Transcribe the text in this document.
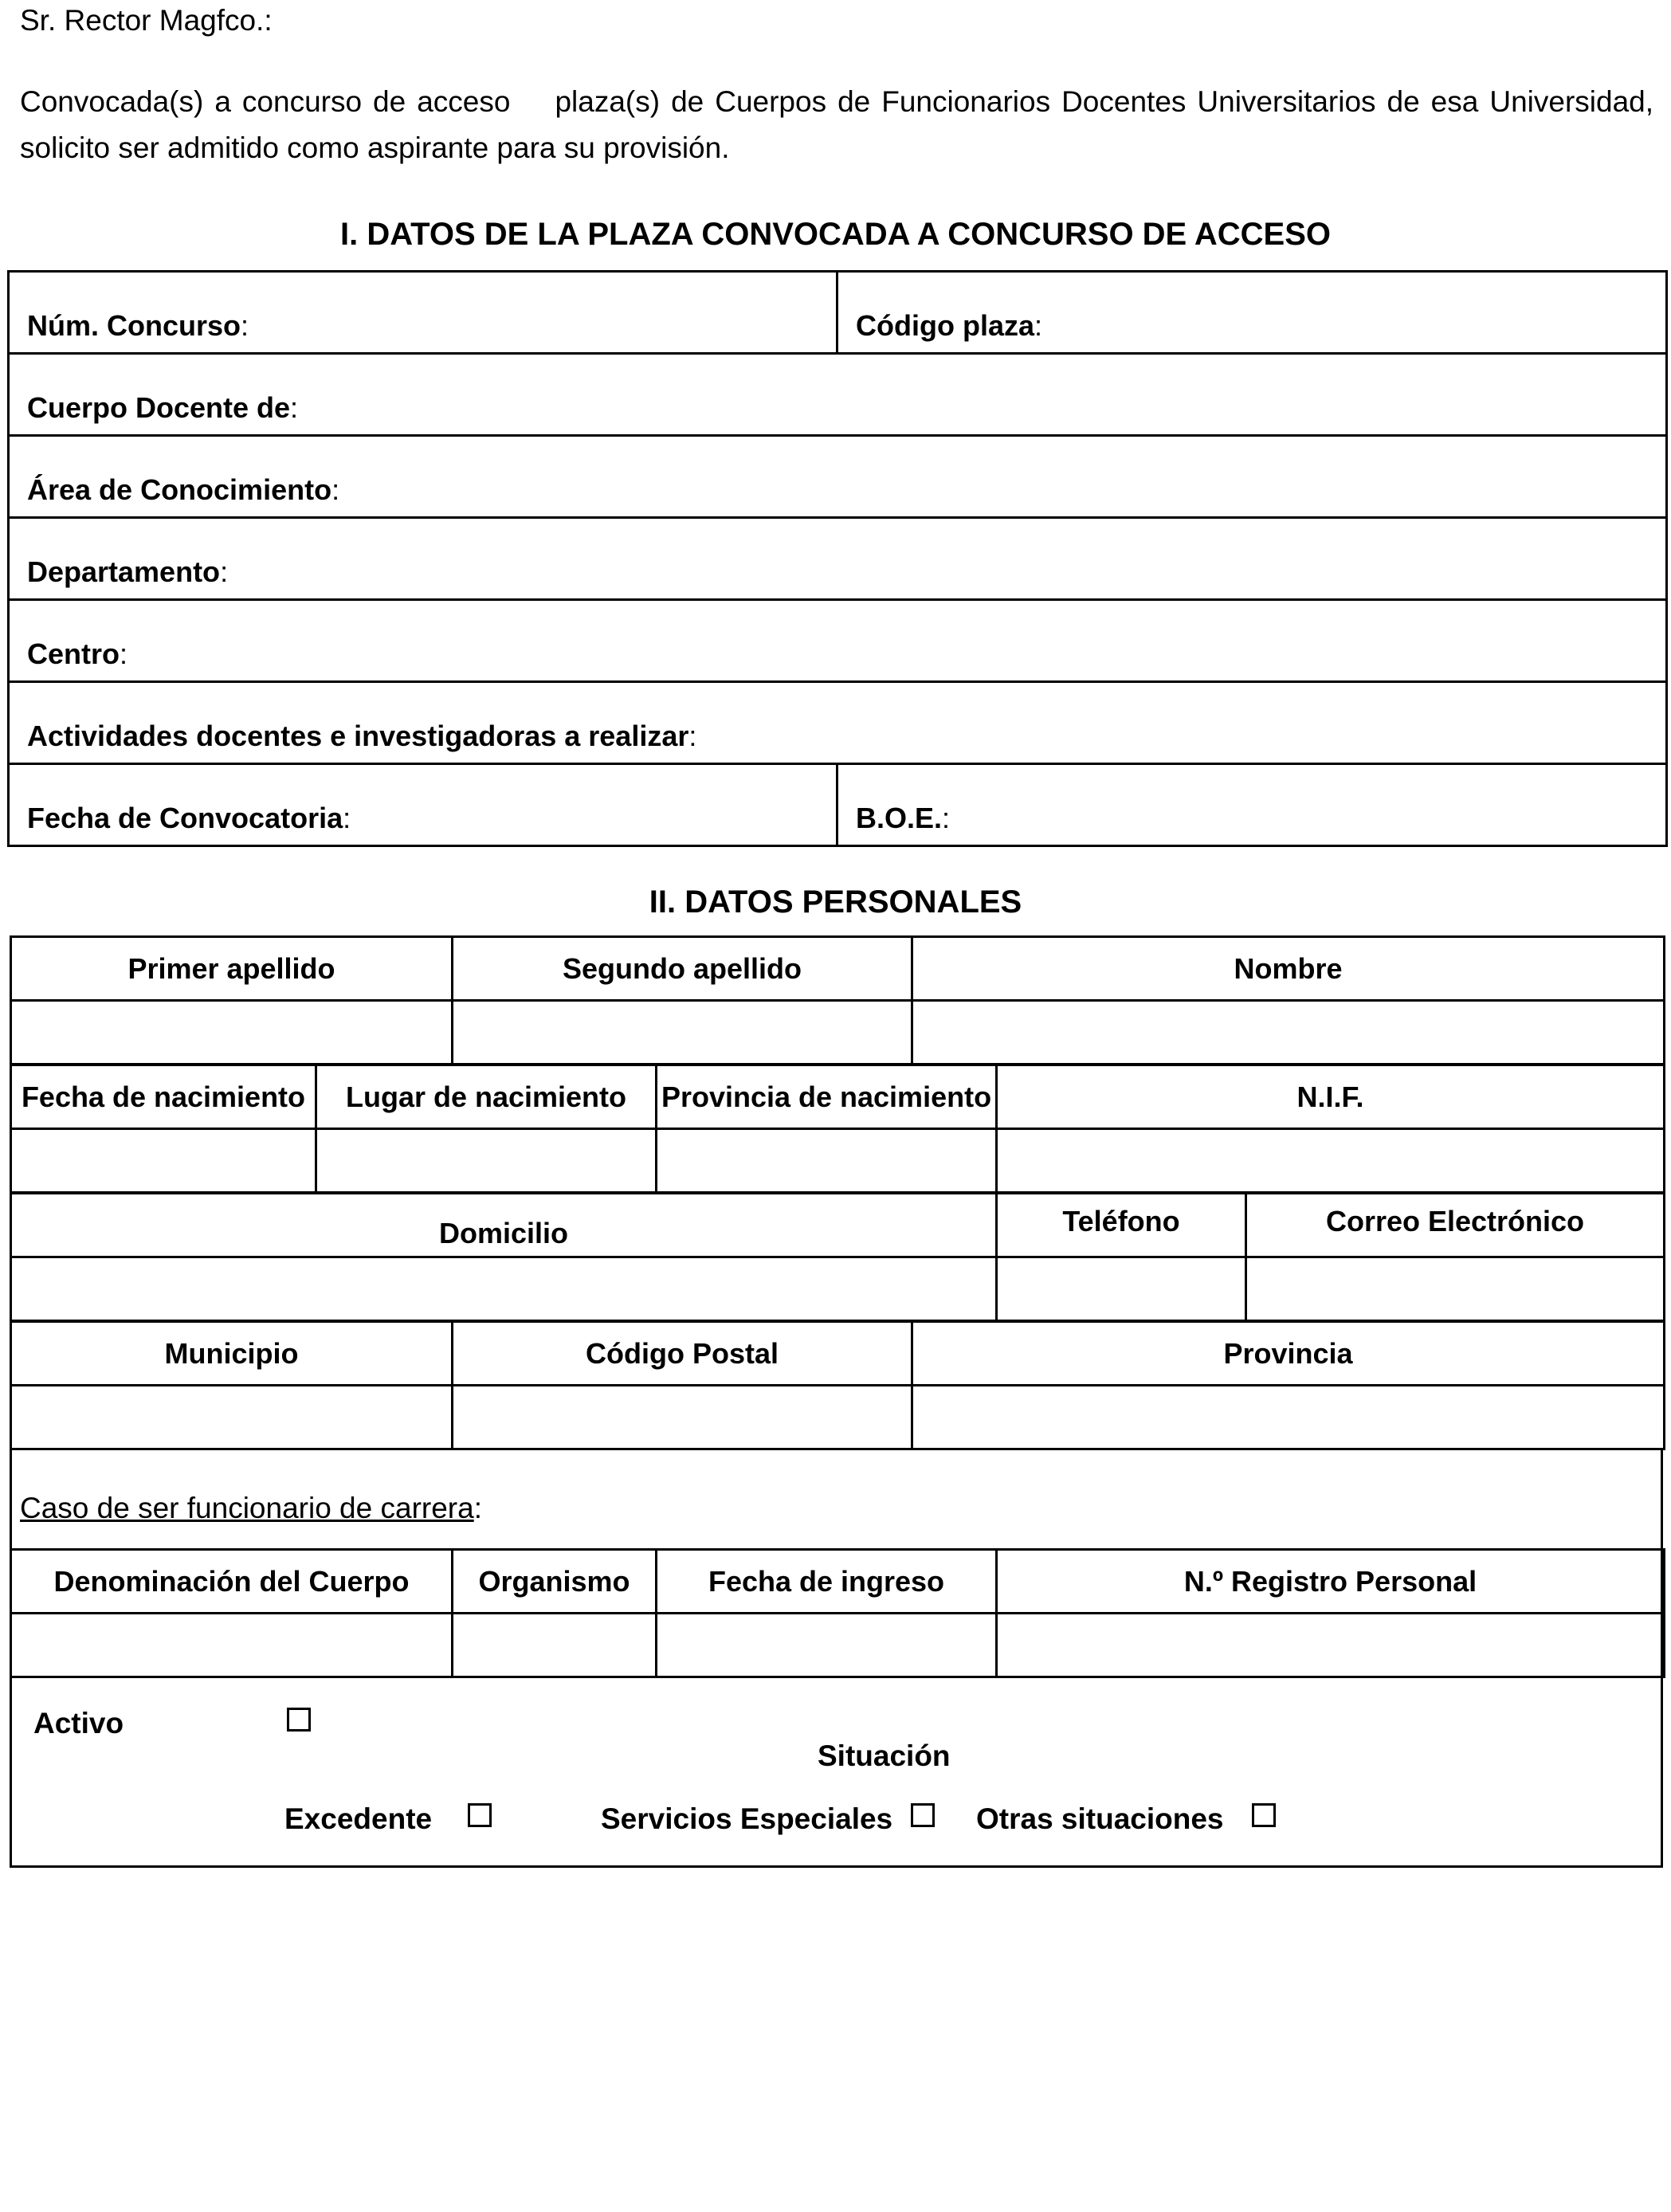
Sr. Rector Magfco.:
Convocada(s) a concurso de acceso    plaza(s) de Cuerpos de Funcionarios Docentes Universitarios de esa Universidad, solicito ser admitido como aspirante para su provisión.
I. DATOS DE LA PLAZA CONVOCADA A CONCURSO DE ACCESO
Núm. Concurso:	Código plaza:
Cuerpo Docente de:	
Área de Conocimiento:	
Departamento:	
Centro:	
Actividades docentes e investigadoras a realizar:	
Fecha de Convocatoria:	B.O.E.:
II. DATOS PERSONALES
Primer apellido	Segundo apellido	Nombre

Fecha de nacimiento	Lugar de nacimiento	Provincia de nacimiento	N.I.F.

Domicilio	Teléfono	Correo Electrónico

Municipio	Código Postal	Provincia

Caso de ser funcionario de carrera:
Denominación del Cuerpo	Organismo	Fecha de ingreso	N.º Registro Personal

Activo
Situación
Excedente	Servicios Especiales	Otras situaciones
